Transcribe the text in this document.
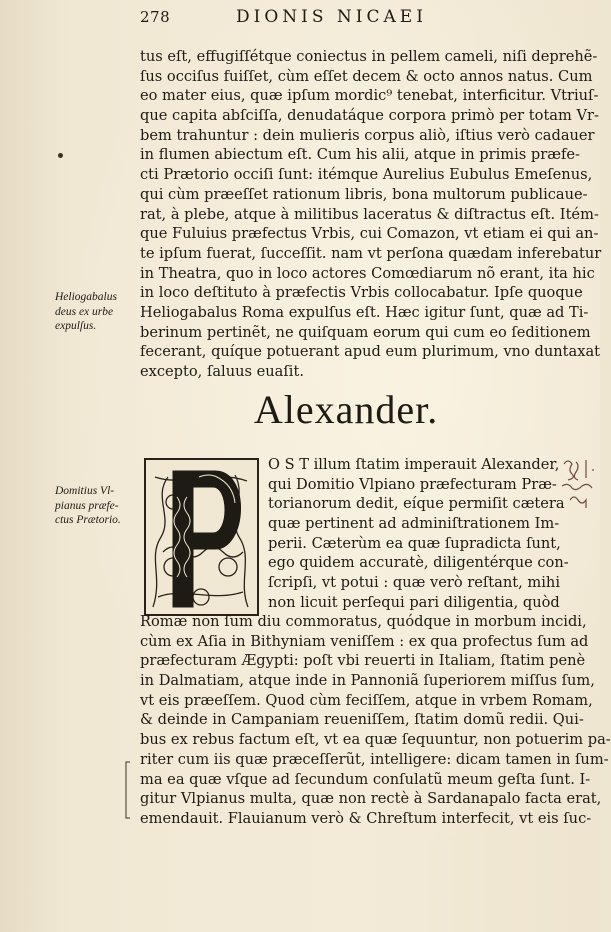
278	DIONIS NICAEI
tus eſt, effugiſſétque coniectus in pellem cameli, niſi deprehẽ-
ſus occiſus fuiſſet, cùm eſſet decem & octo annos natus. Cum
eo mater eius, quæ ipſum mordic⁹ tenebat, interficitur. Vtriuſ-
que capita abſciſſa, denudatáque corpora primò per totam Vr-
bem trahuntur : dein mulieris corpus aliò, iſtius verò cadauer
in flumen abiectum eſt. Cum his alii, atque in primis præfe-
cti Prætorio occiſi ſunt: itémque Aurelius Eubulus Emeſenus,
qui cùm præeſſet rationum libris, bona multorum publicaue-
rat, à plebe, atque à militibus laceratus & diſtractus eſt. Itém-
que Fuluius præfectus Vrbis, cui Comazon, vt etiam ei qui an-
te ipſum fuerat, ſucceſſit. nam vt perſona quædam inferebatur
in Theatra, quo in loco actores Comœdiarum nõ erant, ita hic
in loco deſtituto à præfectis Vrbis collocabatur. Ipſe quoque
Heliogabalus Roma expulſus eſt. Hæc igitur ſunt, quæ ad Ti-
berinum pertinẽt, ne quiſquam eorum qui cum eo ſeditionem
fecerant, quíque potuerant apud eum plurimum, vno duntaxat
excepto, ſaluus euaſit.
Heliogabalus
deus ex urbe
expulſus.
Alexander.
Domitius Vl-
pianus præfe-
ctus Prætorio.
O S T illum ſtatim imperauit Alexander,
qui Domitio Vlpiano præfecturam Præ-
torianorum dedit, eíque permiſit cætera
quæ pertinent ad adminiſtrationem Im-
perii. Cæterùm ea quæ ſupradicta ſunt,
ego quidem accuratè, diligentérque con-
ſcripſi, vt potui : quæ verò reſtant, mihi
non licuit perſequi pari diligentia, quòd
Romæ non ſum diu commoratus, quódque in morbum incidi,
cùm ex Aſia in Bithyniam veniſſem : ex qua profectus ſum ad
præfecturam Ægypti: poſt vbi reuerti in Italiam, ſtatim penè
in Dalmatiam, atque inde in Pannoniã ſuperiorem miſſus ſum,
vt eis præeſſem. Quod cùm feciſſem, atque in vrbem Romam,
& deinde in Campaniam reueniſſem, ſtatim domũ redii. Qui-
bus ex rebus factum eſt, vt ea quæ ſequuntur, non potuerim pa-
riter cum iis quæ præceſſerũt, intelligere: dicam tamen in ſum-
ma ea quæ vſque ad ſecundum conſulatũ meum geſta ſunt. I-
gitur Vlpianus multa, quæ non rectè à Sardanapalo facta erat,
emendauit. Flauianum verò & Chreſtum interfecit, vt eis ſuc-
